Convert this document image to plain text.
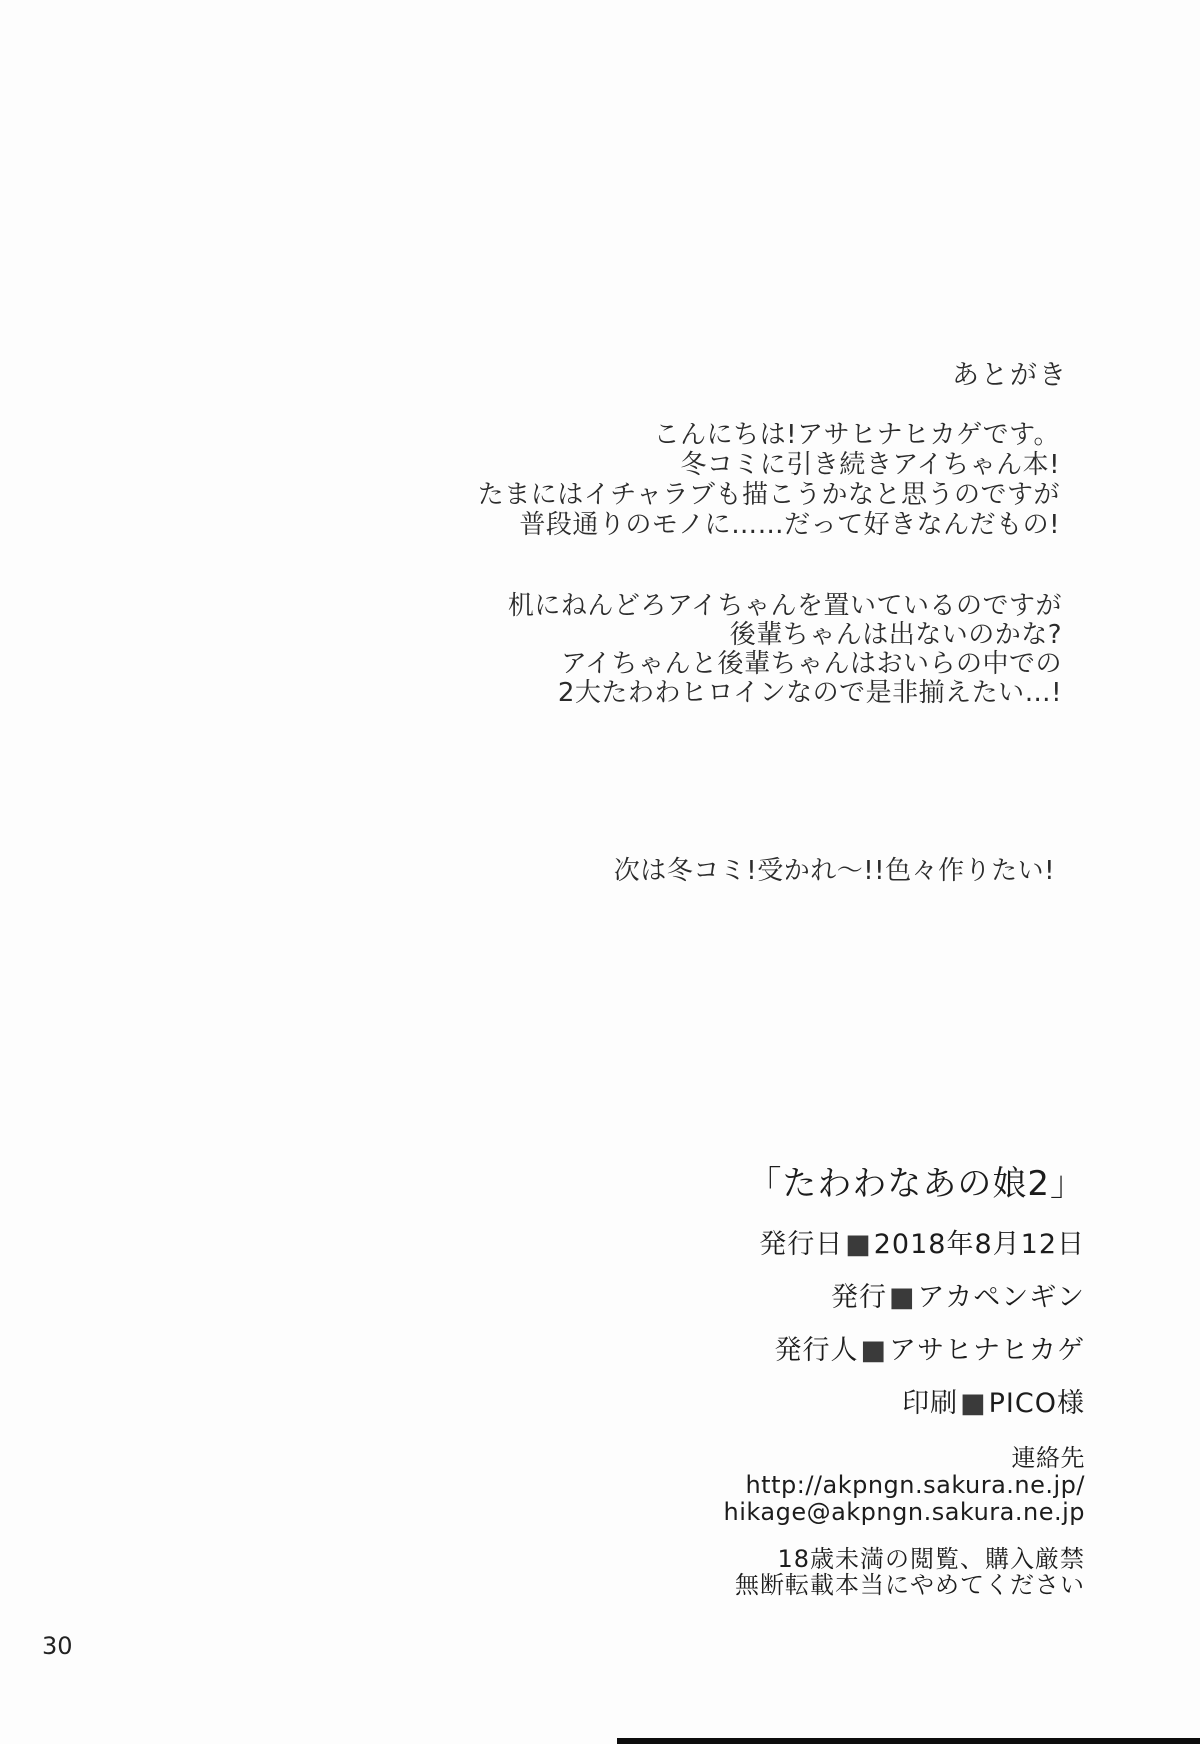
あとがき
こんにちは!アサヒナヒカゲです。
冬コミに引き続きアイちゃん本!
たまにはイチャラブも描こうかなと思うのですが
普段通りのモノに……だって好きなんだもの!
机にねんどろアイちゃんを置いているのですが
後輩ちゃんは出ないのかな?
アイちゃんと後輩ちゃんはおいらの中での
2大たわわヒロインなので是非揃えたい…!
次は冬コミ!受かれ〜!!色々作りたい!
「たわわなあの娘2」
発行日■2018年8月12日
発行■アカペンギン
発行人■アサヒナヒカゲ
印刷■PICO様
連絡先
http://akpngn.sakura.ne.jp/
hikage@akpngn.sakura.ne.jp
18歳未満の閲覧、購入厳禁
無断転載本当にやめてください
30
